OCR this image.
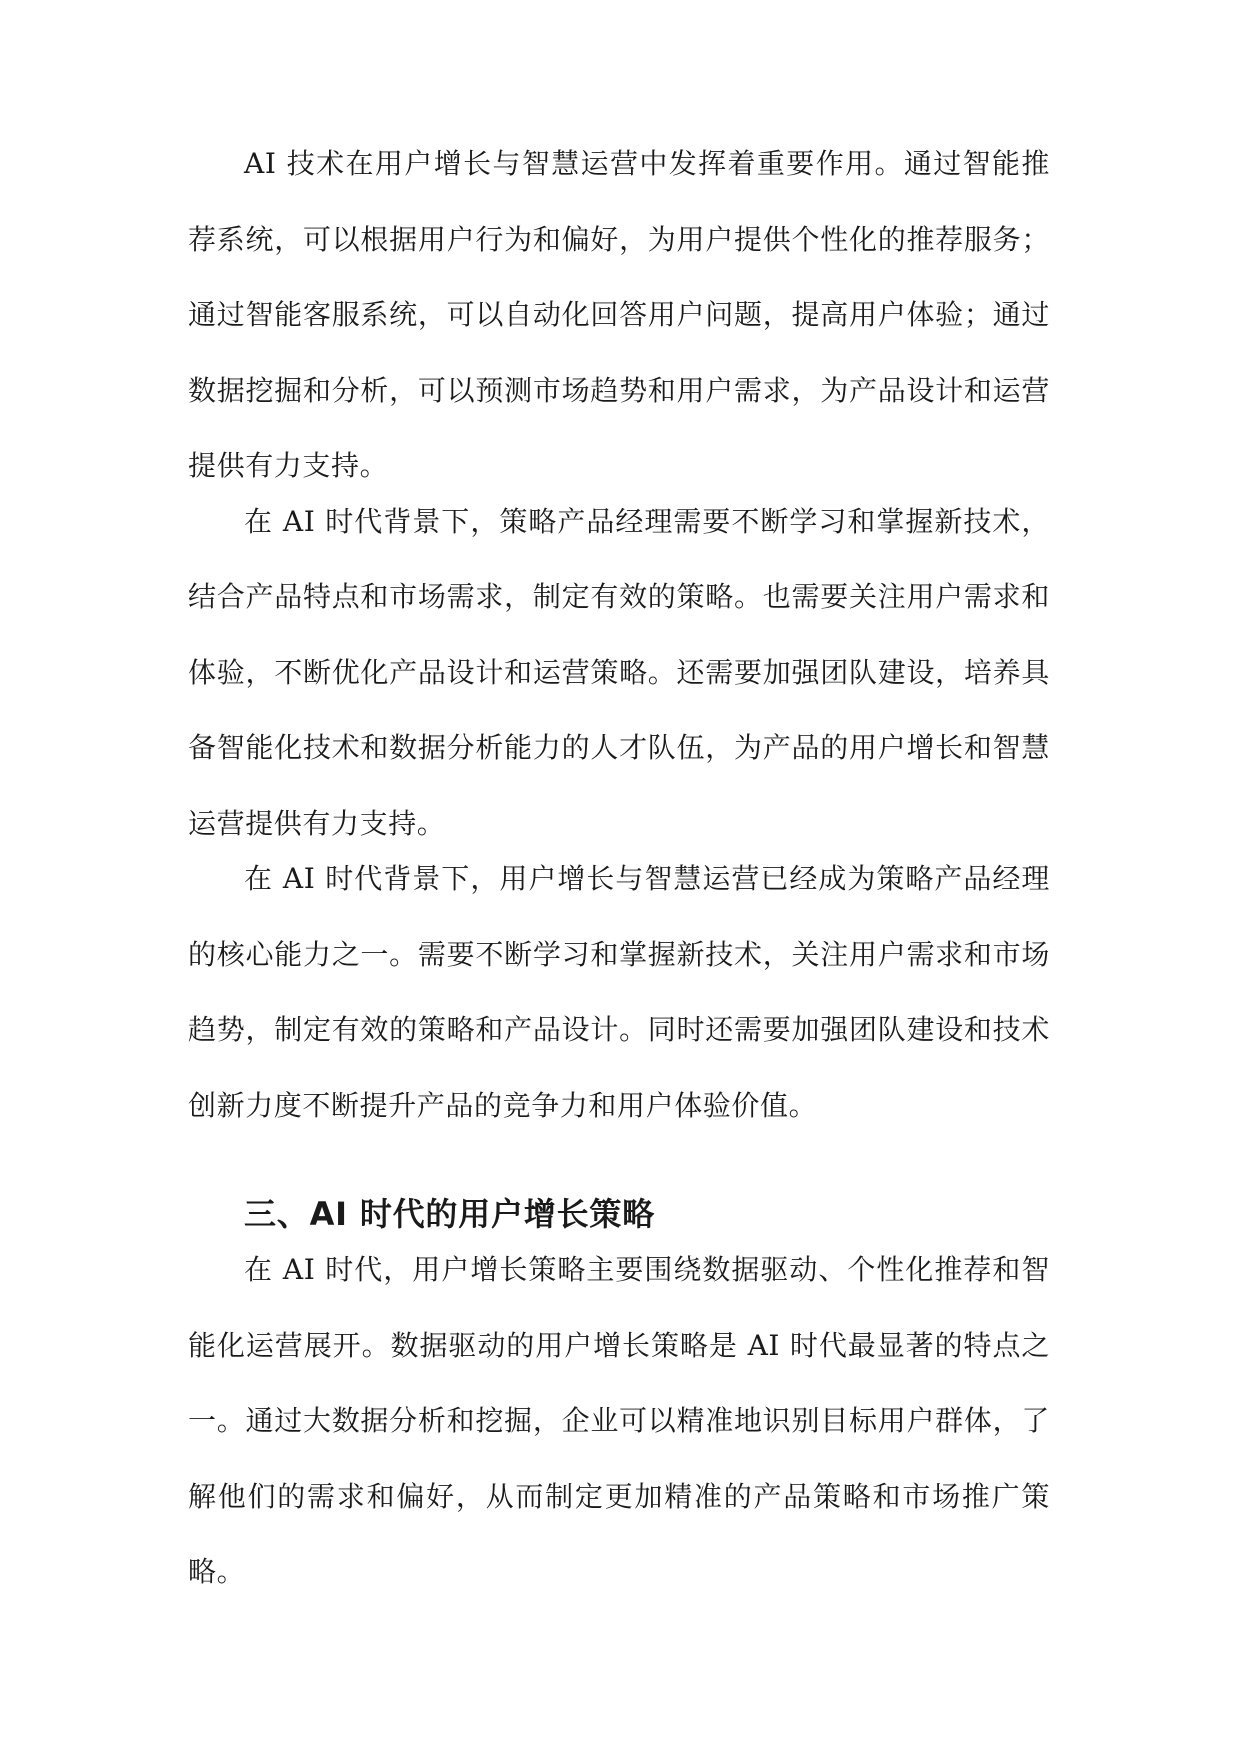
AI 技术在用户增长与智慧运营中发挥着重要作用。通过智能推荐系统，可以根据用户行为和偏好，为用户提供个性化的推荐服务；通过智能客服系统，可以自动化回答用户问题，提高用户体验；通过数据挖掘和分析，可以预测市场趋势和用户需求，为产品设计和运营提供有力支持。

在 AI 时代背景下，策略产品经理需要不断学习和掌握新技术，结合产品特点和市场需求，制定有效的策略。也需要关注用户需求和体验，不断优化产品设计和运营策略。还需要加强团队建设，培养具备智能化技术和数据分析能力的人才队伍，为产品的用户增长和智慧运营提供有力支持。

在 AI 时代背景下，用户增长与智慧运营已经成为策略产品经理的核心能力之一。需要不断学习和掌握新技术，关注用户需求和市场趋势，制定有效的策略和产品设计。同时还需要加强团队建设和技术创新力度不断提升产品的竞争力和用户体验价值。

三、AI 时代的用户增长策略

在 AI 时代，用户增长策略主要围绕数据驱动、个性化推荐和智能化运营展开。数据驱动的用户增长策略是 AI 时代最显著的特点之一。通过大数据分析和挖掘，企业可以精准地识别目标用户群体，了解他们的需求和偏好，从而制定更加精准的产品策略和市场推广策略。
